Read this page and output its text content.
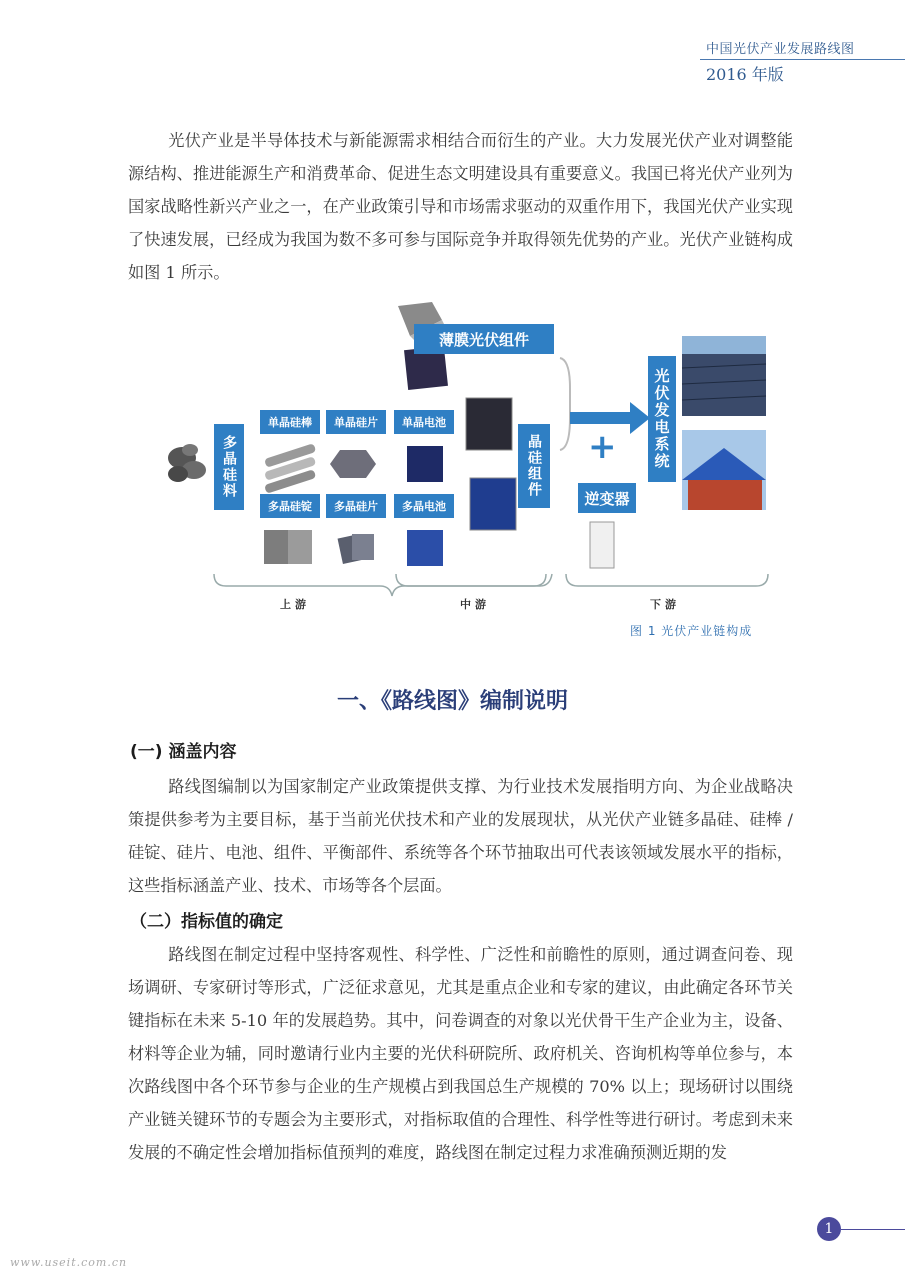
中国光伏产业发展路线图
2016 年版

光伏产业是半导体技术与新能源需求相结合而衍生的产业。大力发展光伏产业对调整能源结构、推进能源生产和消费革命、促进生态文明建设具有重要意义。我国已将光伏产业列为国家战略性新兴产业之一，在产业政策引导和市场需求驱动的双重作用下，我国光伏产业实现了快速发展，已经成为我国为数不多可参与国际竞争并取得领先优势的产业。光伏产业链构成如图 1 所示。

薄膜光伏组件
多晶硅料
单晶硅棒	单晶硅片	单晶电池
多晶硅锭	多晶硅片	多晶电池
晶硅组件
逆变器
光伏发电系统
+
上游	中游	下游
图 1 光伏产业链构成
一、《路线图》编制说明
(一) 涵盖内容

路线图编制以为国家制定产业政策提供支撑、为行业技术发展指明方向、为企业战略决策提供参考为主要目标，基于当前光伏技术和产业的发展现状，从光伏产业链多晶硅、硅棒 / 硅锭、硅片、电池、组件、平衡部件、系统等各个环节抽取出可代表该领域发展水平的指标，这些指标涵盖产业、技术、市场等各个层面。

（二）指标值的确定

路线图在制定过程中坚持客观性、科学性、广泛性和前瞻性的原则，通过调查问卷、现场调研、专家研讨等形式，广泛征求意见，尤其是重点企业和专家的建议，由此确定各环节关键指标在未来 5-10 年的发展趋势。其中，问卷调查的对象以光伏骨干生产企业为主，设备、材料等企业为辅，同时邀请行业内主要的光伏科研院所、政府机关、咨询机构等单位参与，本次路线图中各个环节参与企业的生产规模占到我国总生产规模的 70% 以上；现场研讨以围绕产业链关键环节的专题会为主要形式，对指标取值的合理性、科学性等进行研讨。考虑到未来发展的不确定性会增加指标值预判的难度，路线图在制定过程力求准确预测近期的发

1
www.useit.com.cn
